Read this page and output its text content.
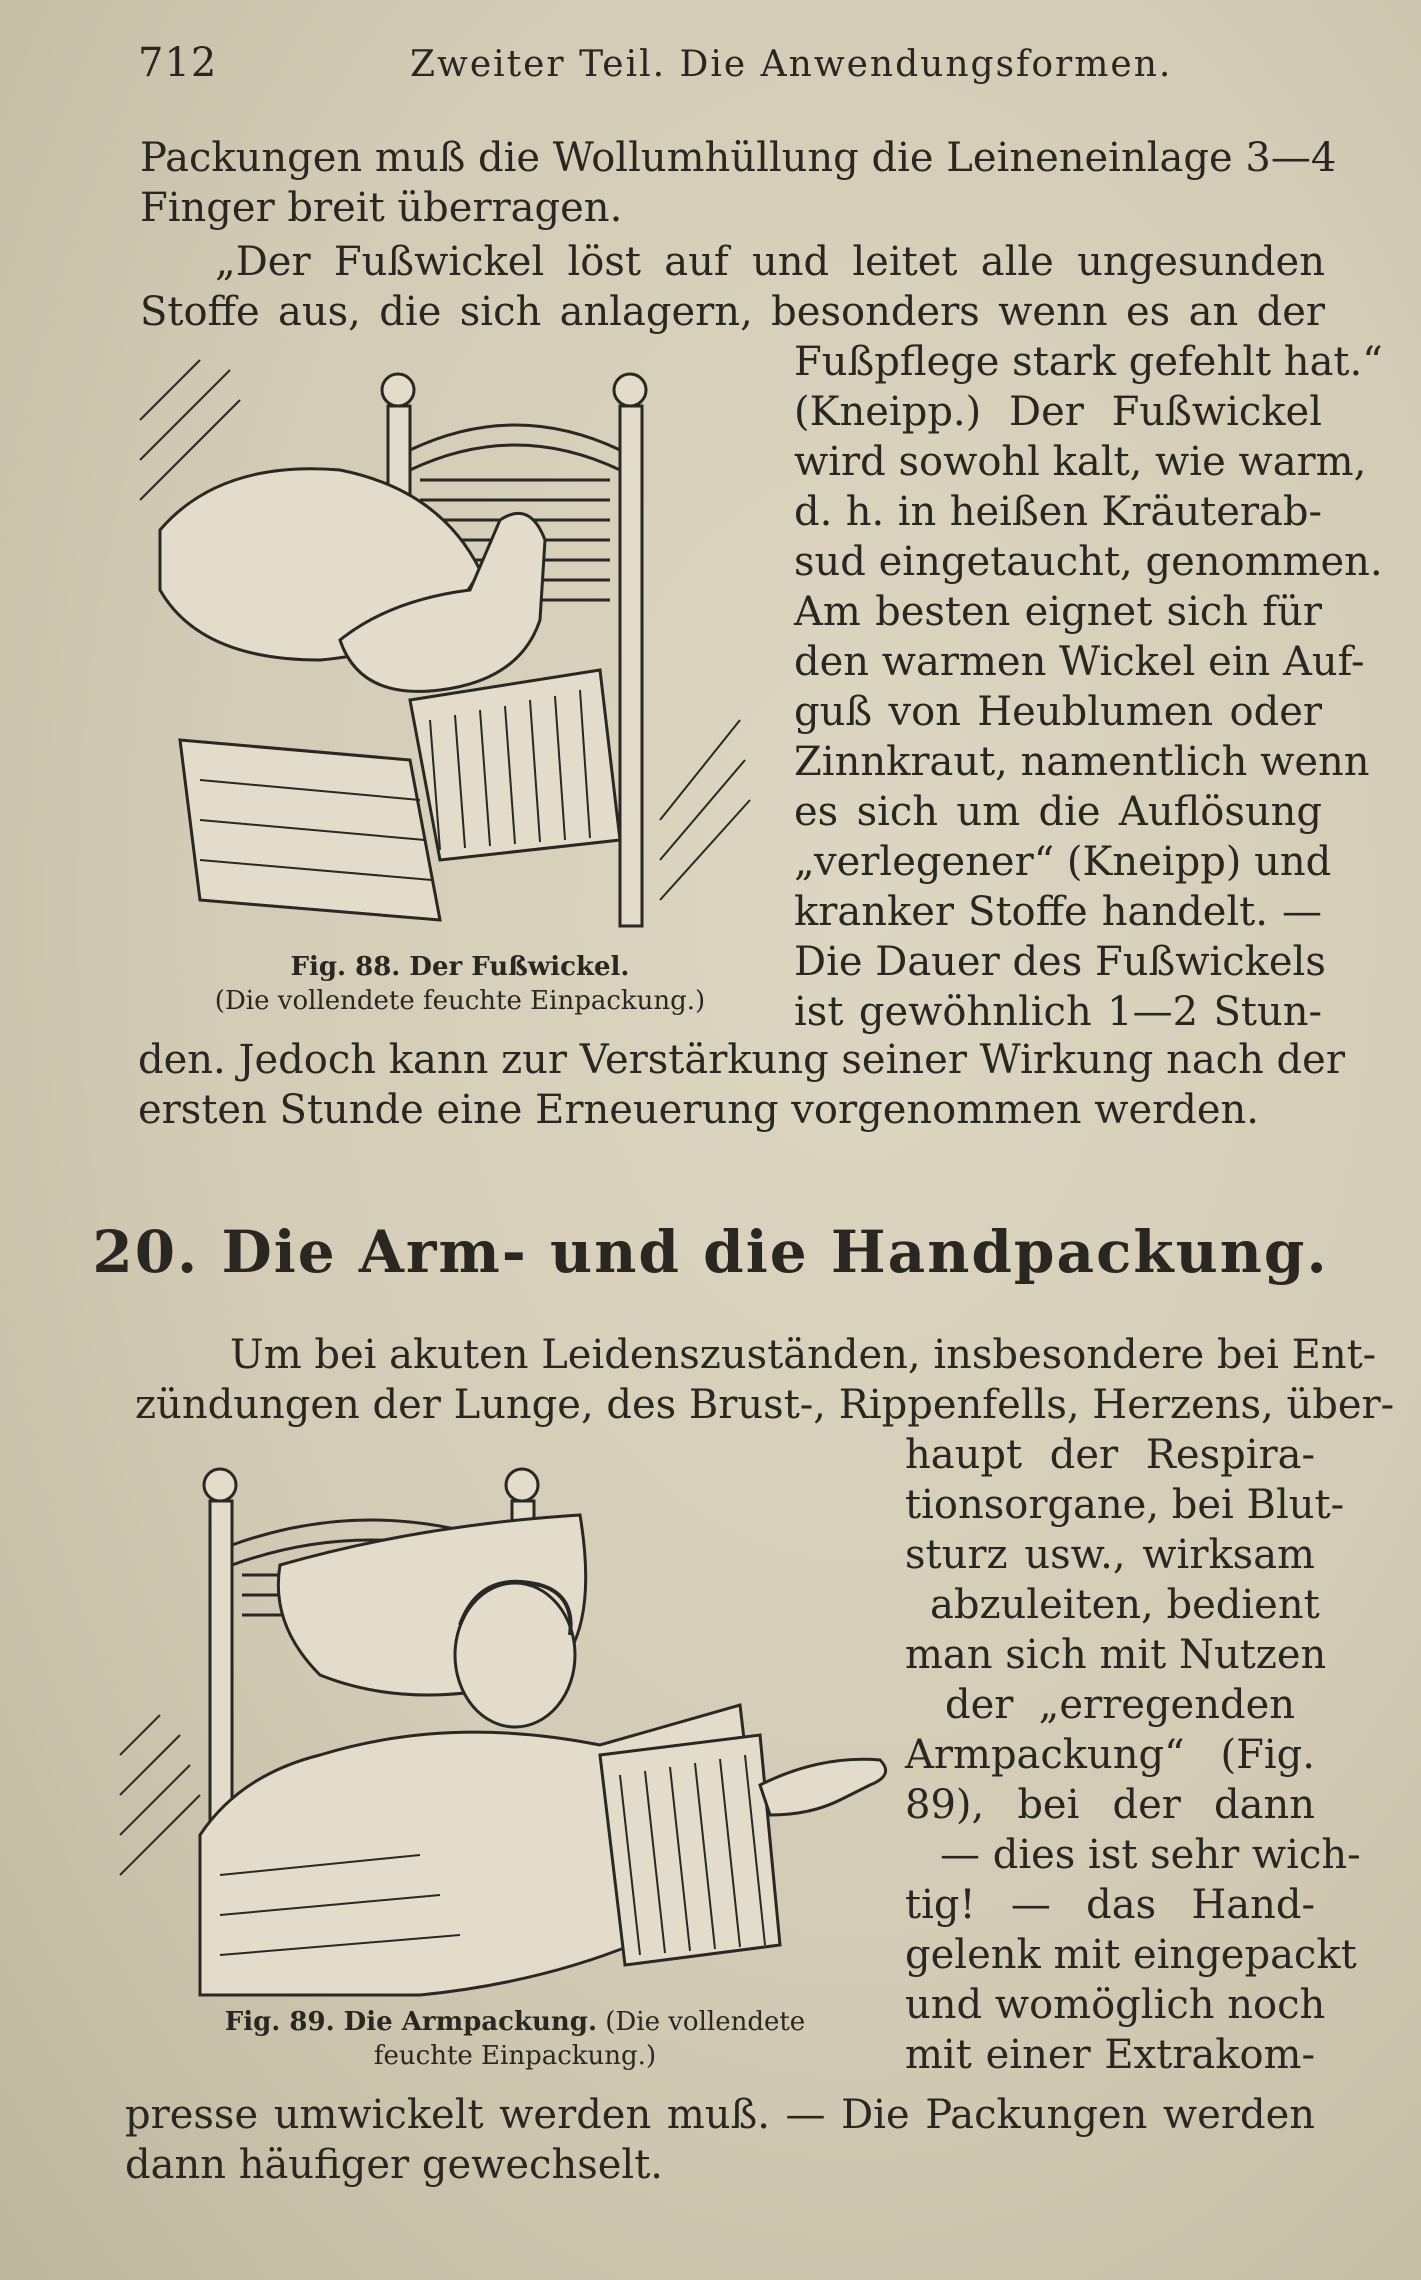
712	Zweiter Teil. Die Anwendungsformen.
Packungen muß die Wollumhüllung die Leineneinlage 3—4
Finger breit überragen.
„Der Fußwickel löst auf und leitet alle ungesunden
Stoffe aus, die sich anlagern, besonders wenn es an der
Fußpflege stark gefehlt hat.“
(Kneipp.) Der Fußwickel
wird sowohl kalt, wie warm,
d. h. in heißen Kräuterab-
sud eingetaucht, genommen.
Am besten eignet sich für
den warmen Wickel ein Auf-
guß von Heublumen oder
Zinnkraut, namentlich wenn
es sich um die Auflösung
„verlegener“ (Kneipp) und
kranker Stoffe handelt. —
Die Dauer des Fußwickels
ist gewöhnlich 1—2 Stun-
Fig. 88. Der Fußwickel.
(Die vollendete feuchte Einpackung.)
den. Jedoch kann zur Verstärkung seiner Wirkung nach der
ersten Stunde eine Erneuerung vorgenommen werden.
20. Die Arm- und die Handpackung.
Um bei akuten Leidenszuständen, insbesondere bei Ent-
zündungen der Lunge, des Brust-, Rippenfells, Herzens, über-
haupt der Respira-
tionsorgane, bei Blut-
sturz usw., wirksam
abzuleiten, bedient
man sich mit Nutzen
der „erregenden
Armpackung“ (Fig.
89), bei der dann
— dies ist sehr wich-
tig! — das Hand-
gelenk mit eingepackt
und womöglich noch
mit einer Extrakom-
Fig. 89. Die Armpackung. (Die vollendete
feuchte Einpackung.)
presse umwickelt werden muß. — Die Packungen werden
dann häufiger gewechselt.
